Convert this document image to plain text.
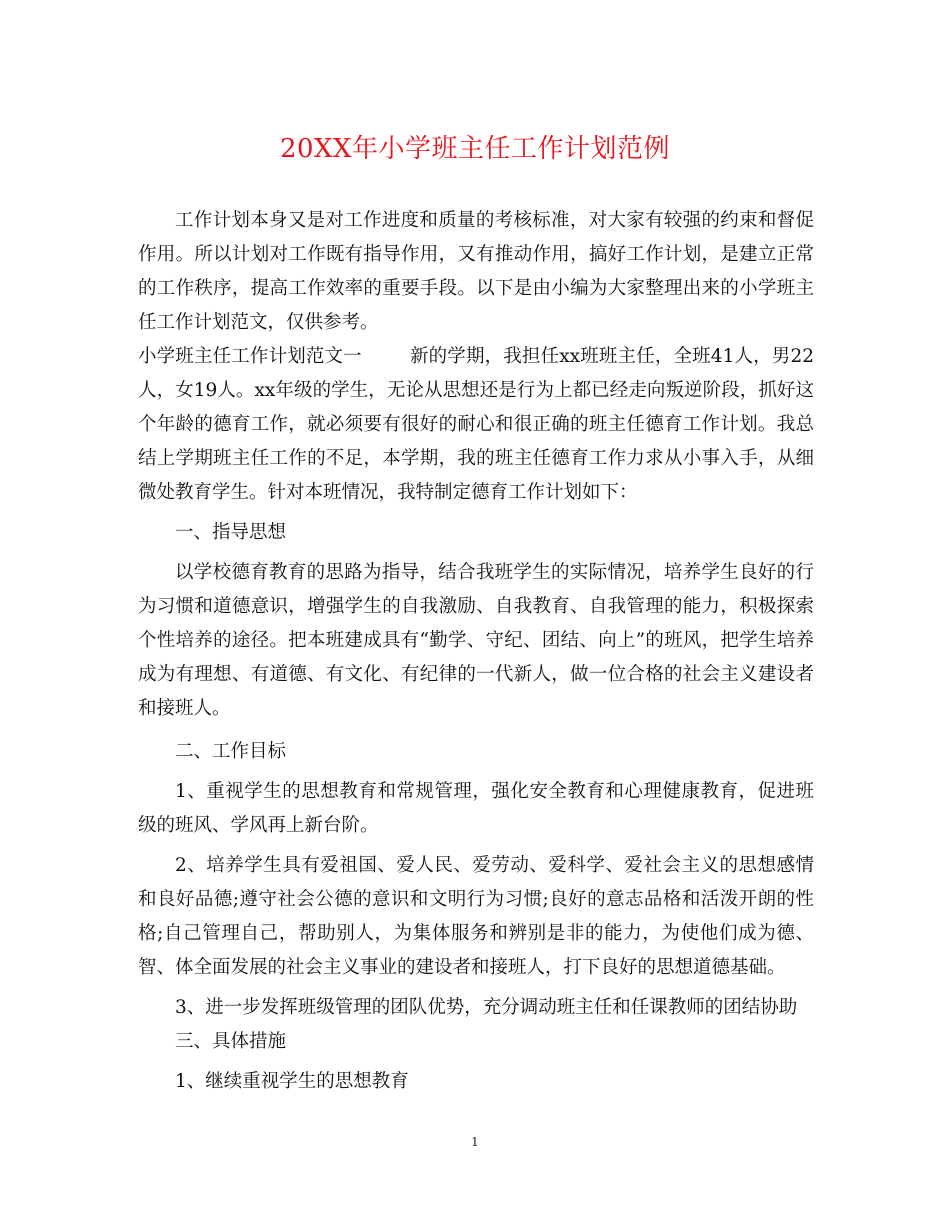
20XX年小学班主任工作计划范例

工作计划本身又是对工作进度和质量的考核标准，对大家有较强的约束和督促作用。所以计划对工作既有指导作用，又有推动作用，搞好工作计划，是建立正常的工作秩序，提高工作效率的重要手段。以下是由小编为大家整理出来的小学班主任工作计划范文，仅供参考。

小学班主任工作计划范文一	新的学期，我担任xx班班主任，全班41人，男22人，女19人。xx年级的学生，无论从思想还是行为上都已经走向叛逆阶段，抓好这个年龄的德育工作，就必须要有很好的耐心和很正确的班主任德育工作计划。我总结上学期班主任工作的不足，本学期，我的班主任德育工作力求从小事入手，从细微处教育学生。针对本班情况，我特制定德育工作计划如下：

一、指导思想

以学校德育教育的思路为指导，结合我班学生的实际情况，培养学生良好的行为习惯和道德意识，增强学生的自我激励、自我教育、自我管理的能力，积极探索个性培养的途径。把本班建成具有“勤学、守纪、团结、向上”的班风，把学生培养成为有理想、有道德、有文化、有纪律的一代新人，做一位合格的社会主义建设者和接班人。

二、工作目标

1、重视学生的思想教育和常规管理，强化安全教育和心理健康教育，促进班级的班风、学风再上新台阶。

2、培养学生具有爱祖国、爱人民、爱劳动、爱科学、爱社会主义的思想感情和良好品德;遵守社会公德的意识和文明行为习惯;良好的意志品格和活泼开朗的性格;自己管理自己，帮助别人，为集体服务和辨别是非的能力，为使他们成为德、智、体全面发展的社会主义事业的建设者和接班人，打下良好的思想道德基础。

3、进一步发挥班级管理的团队优势，充分调动班主任和任课教师的团结协助

三、具体措施

1、继续重视学生的思想教育

1
